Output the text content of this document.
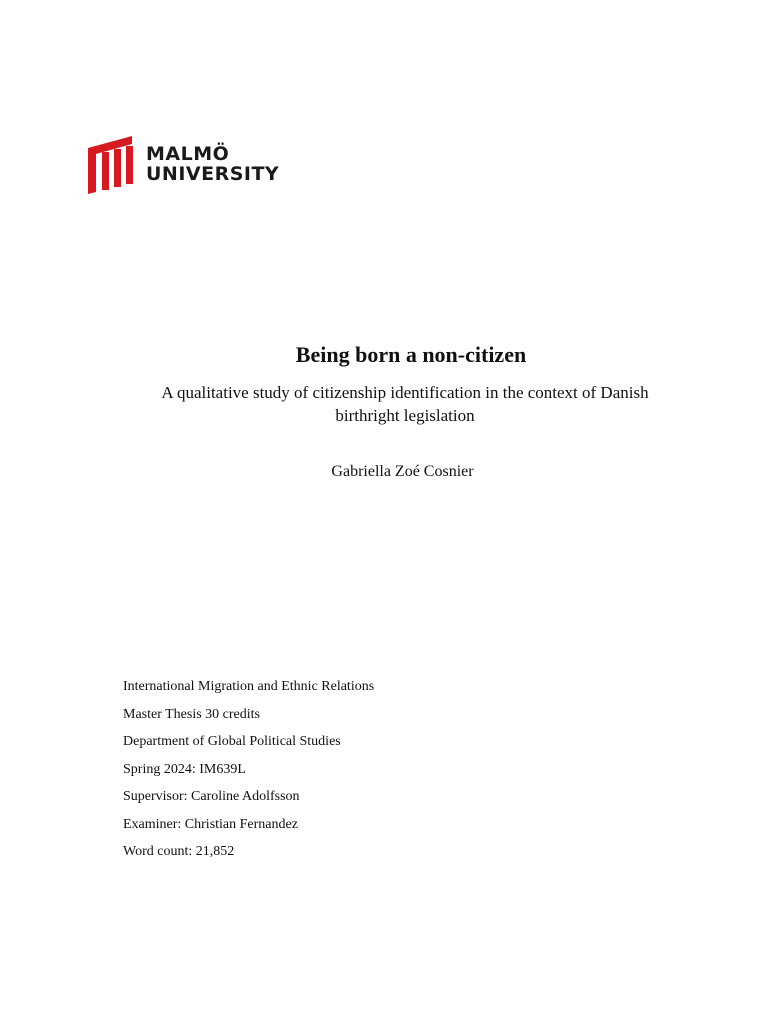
MALMÖ
UNIVERSITY
Being born a non-citizen
A qualitative study of citizenship identification in the context of Danish birthright legislation
Gabriella Zoé Cosnier
International Migration and Ethnic Relations
Master Thesis 30 credits
Department of Global Political Studies
Spring 2024: IM639L
Supervisor: Caroline Adolfsson
Examiner: Christian Fernandez
Word count: 21,852
